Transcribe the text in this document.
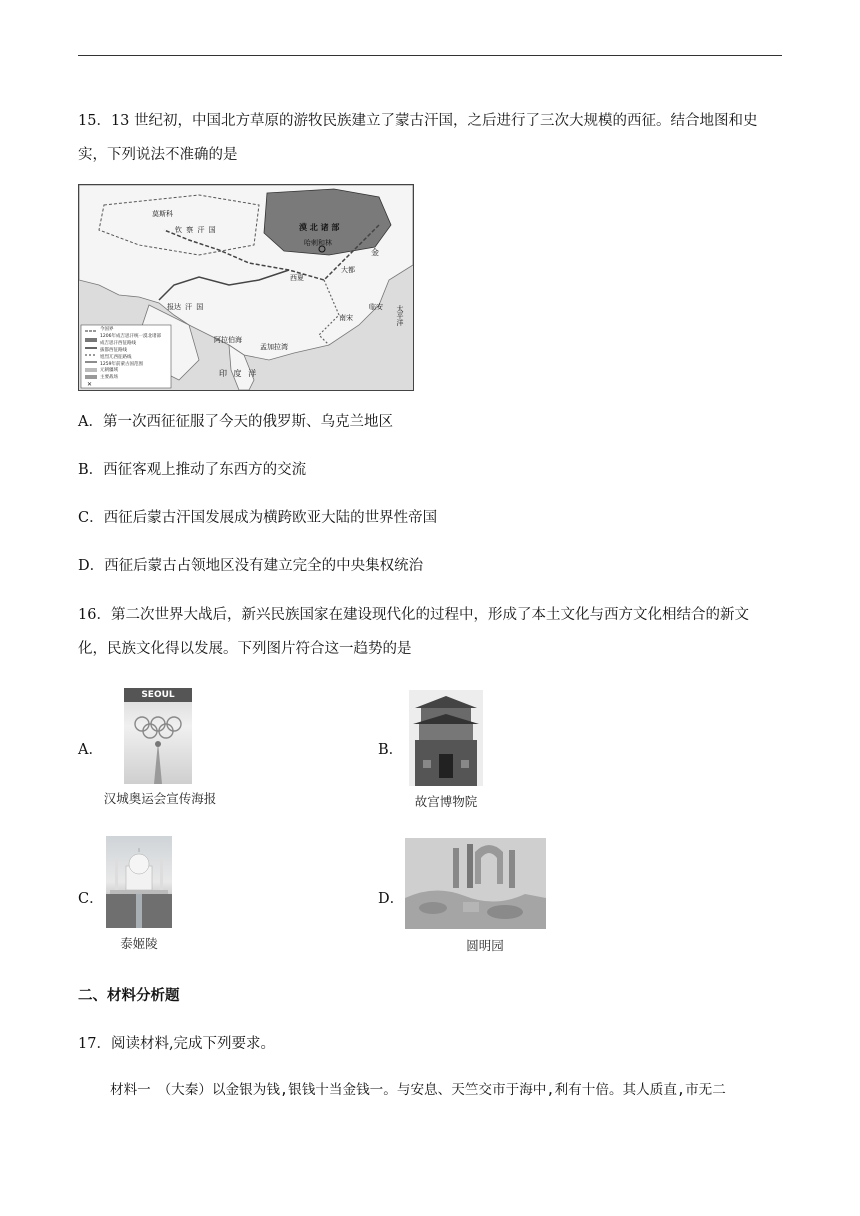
15．13 世纪初，中国北方草原的游牧民族建立了蒙古汗国，之后进行了三次大规模的西征。结合地图和史
实，下列说法不准确的是
✕
莫斯科
钦 察 汗 国	漠 北 诸 部
哈剌和林
金
大都
西夏
报达 汗 国	临安
南宋
阿拉伯海
孟加拉湾
印 度 洋
太平洋
今国界
1206年成吉思汗统一漠北诸部
成吉思汗西征路线
拔都西征路线
旭烈兀西征路线
1259年前蒙古国范围
元朝疆域
主要战场
A．第一次西征征服了今天的俄罗斯、乌克兰地区
B．西征客观上推动了东西方的交流
C．西征后蒙古汗国发展成为横跨欧亚大陆的世界性帝国
D．西征后蒙古占领地区没有建立完全的中央集权统治
16．第二次世界大战后，新兴民族国家在建设现代化的过程中，形成了本土文化与西方文化相结合的新文
化，民族文化得以发展。下列图片符合这一趋势的是
A．
SEOUL
汉城奥运会宣传海报
B．
故宫博物院
C．
泰姬陵
D．
圆明园
二、材料分析题
17．阅读材料,完成下列要求。
材料一　（大秦）以金银为钱,银钱十当金钱一。与安息、天竺交市于海中,利有十倍。其人质直,市无二
